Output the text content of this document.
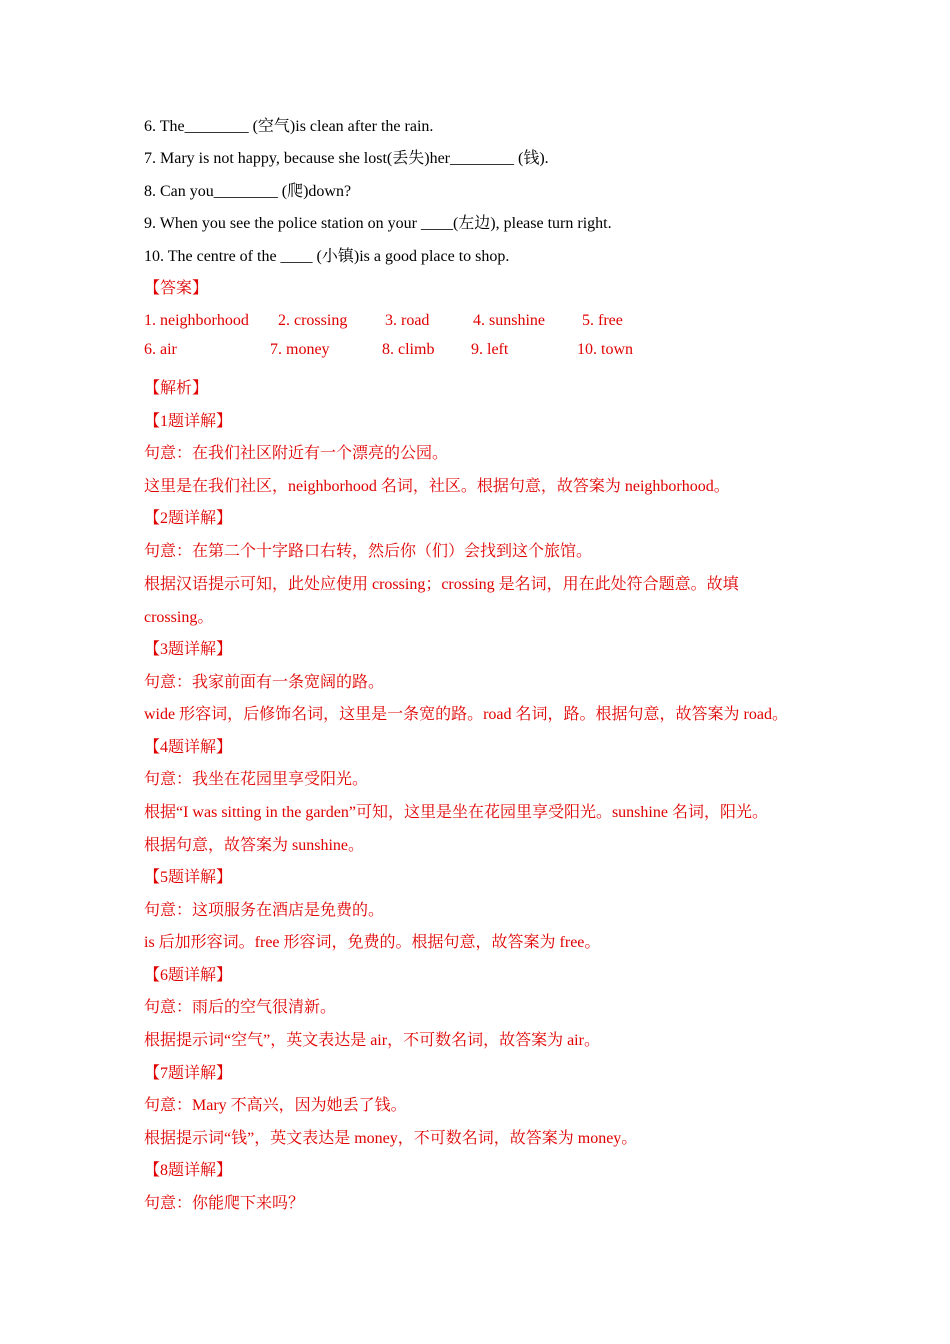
6. The________ (空气)is clean after the rain.
7. Mary is not happy, because she lost(丢失)her________ (钱).
8. Can you________ (爬)down?
9. When you see the police station on your ____(左边), please turn right.
10. The centre of the ____ (小镇)is a good place to shop.
【答案】
1. neighborhood 2. crossing 3. road	4. sunshine 5. free
6. air	7. money	8. climb 9. left	10. town
【解析】
【1题详解】
句意：在我们社区附近有一个漂亮的公园。
这里是在我们社区，neighborhood 名词，社区。根据句意，故答案为 neighborhood。
【2题详解】
句意：在第二个十字路口右转，然后你（们）会找到这个旅馆。
根据汉语提示可知，此处应使用 crossing；crossing 是名词，用在此处符合题意。故填
crossing。
【3题详解】
句意：我家前面有一条宽阔的路。
wide 形容词，后修饰名词，这里是一条宽的路。road 名词，路。根据句意，故答案为 road。
【4题详解】
句意：我坐在花园里享受阳光。
根据“I was sitting in the garden”可知，这里是坐在花园里享受阳光。sunshine 名词，阳光。
根据句意，故答案为 sunshine。
【5题详解】
句意：这项服务在酒店是免费的。
is 后加形容词。free 形容词，免费的。根据句意，故答案为 free。
【6题详解】
句意：雨后的空气很清新。
根据提示词“空气”，英文表达是 air，不可数名词，故答案为 air。
【7题详解】
句意：Mary 不高兴，因为她丢了钱。
根据提示词“钱”，英文表达是 money，不可数名词，故答案为 money。
【8题详解】
句意：你能爬下来吗？
